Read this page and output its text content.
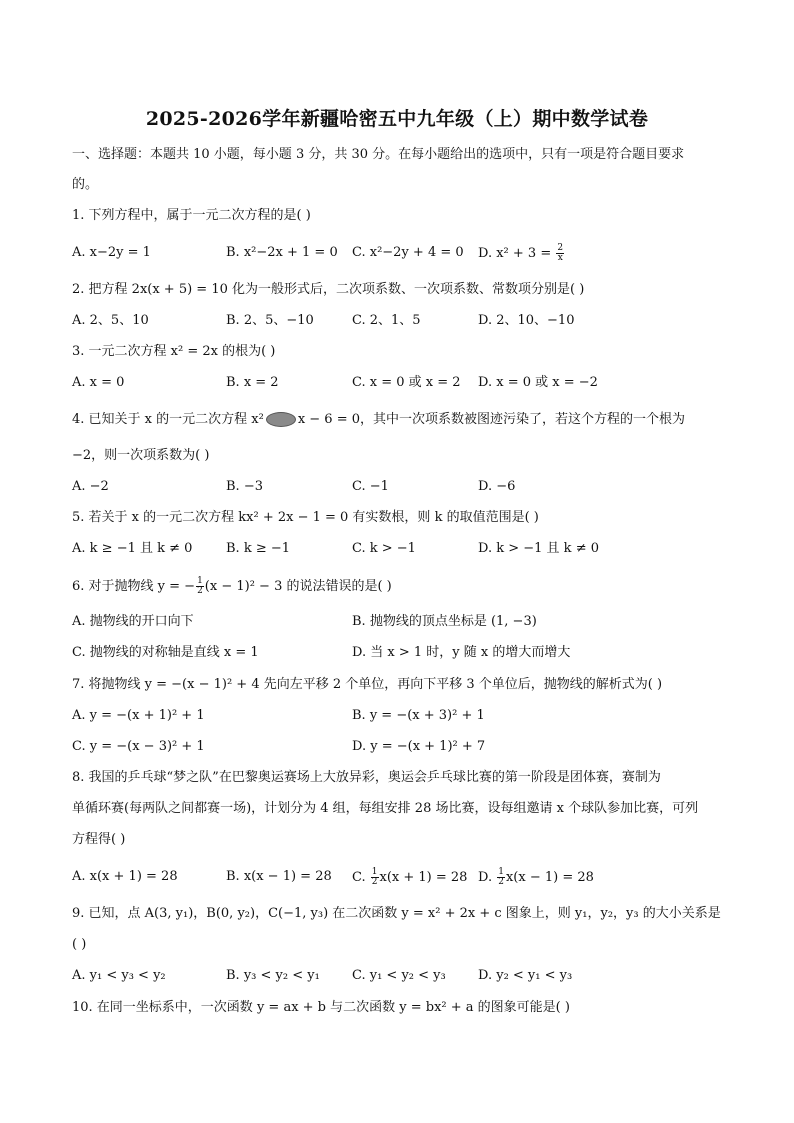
2025-2026学年新疆哈密五中九年级（上）期中数学试卷
一、选择题：本题共 10 小题，每小题 3 分，共 30 分。在每小题给出的选项中，只有一项是符合题目要求
的。
1. 下列方程中，属于一元二次方程的是( )
A. x−2y = 1	B. x²−2x + 1 = 0 C. x²−2y + 4 = 0 D. $x^2 + 3 = \frac{2}{x}$
2. 把方程 2x(x + 5) = 10 化为一般形式后，二次项系数、一次项系数、常数项分别是( )
A. 2、5、10	B. 2、5、−10	C. 2、1、5	D. 2、10、−10
3. 一元二次方程 x² = 2x 的根为( )
A. x = 0	B. x = 2	C. x = 0 或 x = 2 D. x = 0 或 x = −2
4. 已知关于 x 的一元二次方程 x²	x − 6 = 0，其中一次项系数被图迹污染了，若这个方程的一个根为
−2，则一次项系数为( )
A. −2	B. −3	C. −1	D. −6
5. 若关于 x 的一元二次方程 kx² + 2x − 1 = 0 有实数根，则 k 的取值范围是( )
A. k ≥ −1 且 k ≠ 0	B. k ≥ −1	C. k > −1	D. k > −1 且 k ≠ 0
6. 对于抛物线 y = − $\frac{1}{2} (x - 1)^2 - 3$ 的说法错误的是( )
A. 抛物线的开口向下	B. 抛物线的顶点坐标是 (1, −3)
C. 抛物线的对称轴是直线 x = 1	D. 当 x > 1 时，y 随 x 的增大而增大
7. 将抛物线 y = −(x − 1)² + 4 先向左平移 2 个单位，再向下平移 3 个单位后，抛物线的解析式为( )
A. y = −(x + 1)² + 1	B. y = −(x + 3)² + 1
C. y = −(x − 3)² + 1	D. y = −(x + 1)² + 7
8. 我国的乒乓球“梦之队”在巴黎奥运赛场上大放异彩，奥运会乒乓球比赛的第一阶段是团体赛，赛制为
单循环赛(每两队之间都赛一场)，计划分为 4 组，每组安排 28 场比赛，设每组邀请 x 个球队参加比赛，可列
方程得( )
A. x(x + 1) = 28	B. x(x − 1) = 28 C. $\frac{1}{2} x(x + 1) = 28$ D. $\frac{1}{2} x(x - 1) = 28$
9. 已知，点 A(3, y₁)，B(0, y₂)，C(−1, y₃) 在二次函数 y = x² + 2x + c 图象上，则 y₁，y₂，y₃ 的大小关系是
( )
A. y₁ < y₃ < y₂	B. y₃ < y₂ < y₁ C. y₁ < y₂ < y₃ D. y₂ < y₁ < y₃
10. 在同一坐标系中，一次函数 y = ax + b 与二次函数 y = bx² + a 的图象可能是( )
